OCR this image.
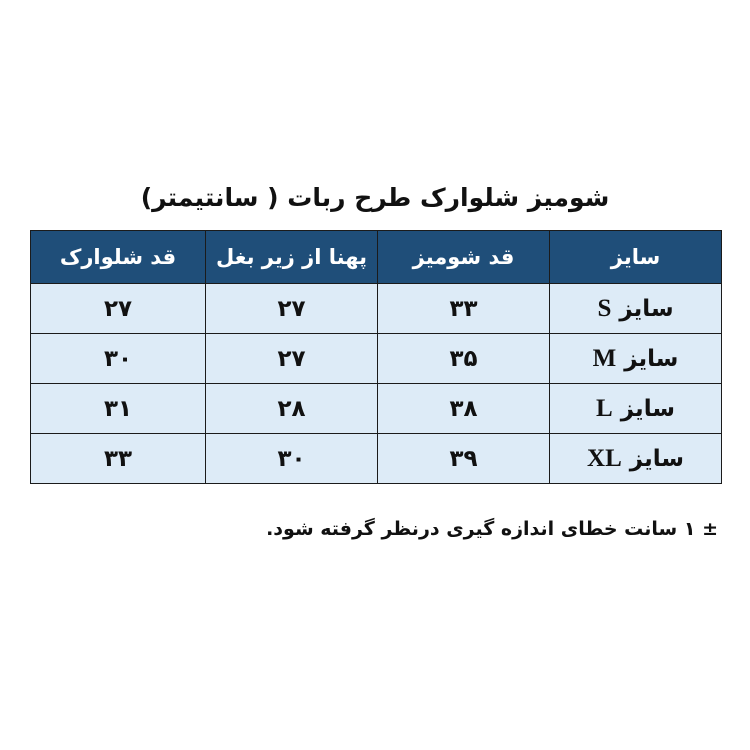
شومیز شلوارک طرح ربات ( سانتیمتر)
سایز	قد شومیز	پهنا از زیر بغل	قد شلوارک
سایز S	۳۳	۲۷	۲۷
سایز M	۳۵	۲۷	۳۰
سایز L	۳۸	۲۸	۳۱
سایز XL	۳۹	۳۰	۳۳
± ۱ سانت خطای اندازه گیری درنظر گرفته شود.
